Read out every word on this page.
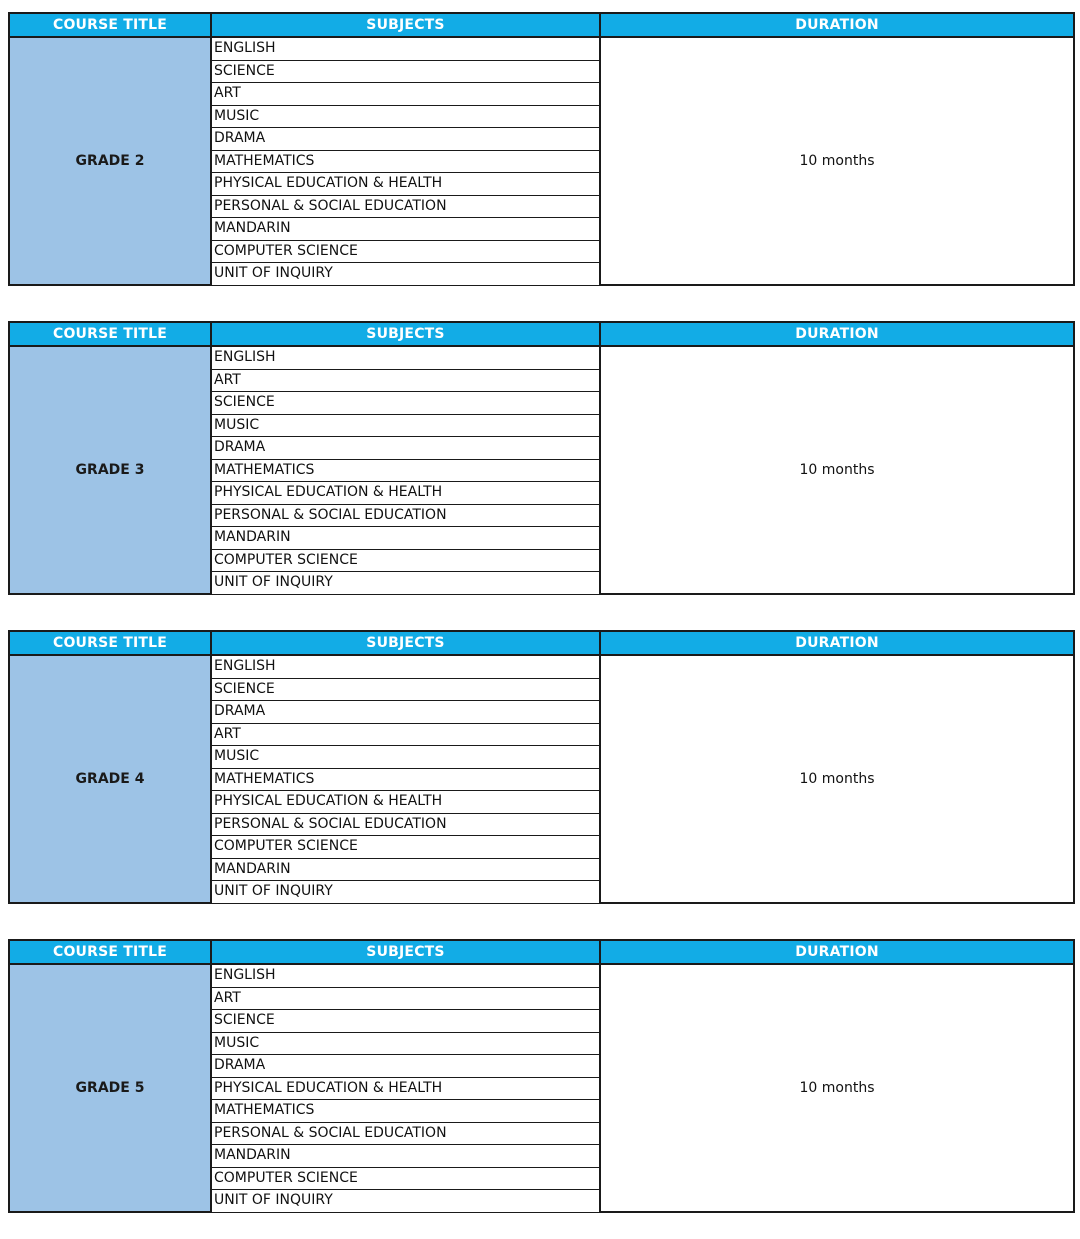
COURSE TITLE	SUBJECTS	DURATION
GRADE 2	ENGLISH	10 months
	SCIENCE	
	ART	
	MUSIC	
	DRAMA	
	MATHEMATICS	
	PHYSICAL EDUCATION & HEALTH	
	PERSONAL & SOCIAL EDUCATION	
	MANDARIN	
	COMPUTER SCIENCE	
	UNIT OF INQUIRY	
COURSE TITLE	SUBJECTS	DURATION
GRADE 3	ENGLISH	10 months
	ART	
	SCIENCE	
	MUSIC	
	DRAMA	
	MATHEMATICS	
	PHYSICAL EDUCATION & HEALTH	
	PERSONAL & SOCIAL EDUCATION	
	MANDARIN	
	COMPUTER SCIENCE	
	UNIT OF INQUIRY	
COURSE TITLE	SUBJECTS	DURATION
GRADE 4	ENGLISH	10 months
	SCIENCE	
	DRAMA	
	ART	
	MUSIC	
	MATHEMATICS	
	PHYSICAL EDUCATION & HEALTH	
	PERSONAL & SOCIAL EDUCATION	
	COMPUTER SCIENCE	
	MANDARIN	
	UNIT OF INQUIRY	
COURSE TITLE	SUBJECTS	DURATION
GRADE 5	ENGLISH	10 months
	ART	
	SCIENCE	
	MUSIC	
	DRAMA	
	PHYSICAL EDUCATION & HEALTH	
	MATHEMATICS	
	PERSONAL & SOCIAL EDUCATION	
	MANDARIN	
	COMPUTER SCIENCE	
	UNIT OF INQUIRY	
